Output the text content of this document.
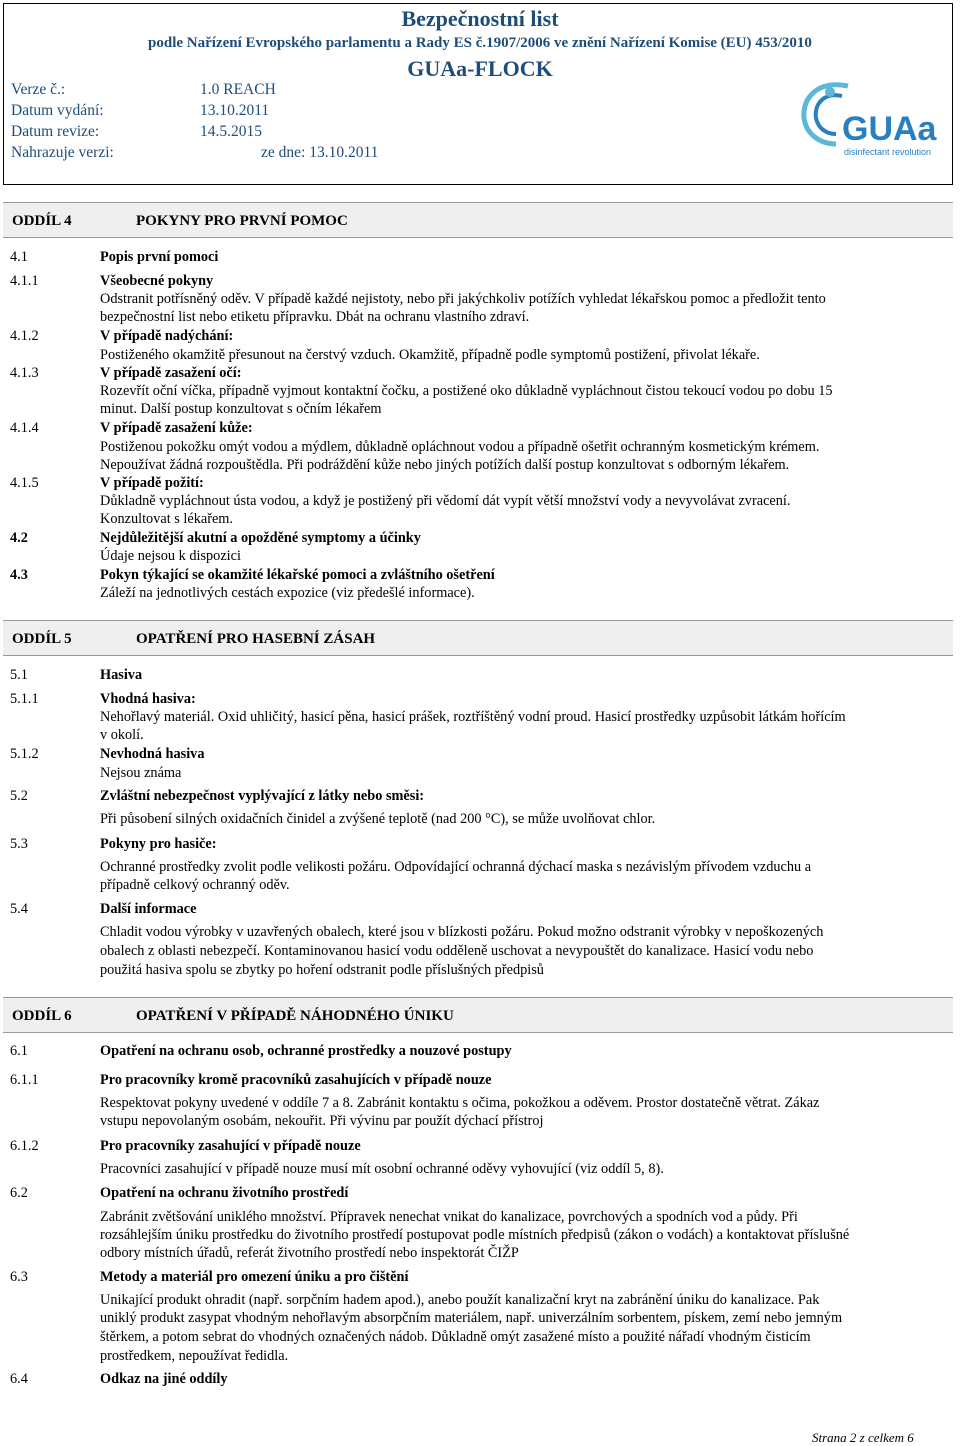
Bezpečnostní list
podle Nařízení Evropského parlamentu a Rady ES č.1907/2006 ve znění Nařízení Komise (EU) 453/2010
GUAa-FLOCK
Verze č.:	1.0 REACH
Datum vydání:	13.10.2011
Datum revize:	14.5.2015
Nahrazuje verzi:	ze dne: 13.10.2011
GUAa
disinfectant revolution
ODDÍL 4	POKYNY PRO PRVNÍ POMOC
4.1	Popis první pomoci
4.1.1	Všeobecné pokyny
Odstranit potřísněný oděv. V případě každé nejistoty, nebo při jakýchkoliv potížích vyhledat lékařskou pomoc a předložit tento
bezpečnostní list nebo etiketu přípravku. Dbát na ochranu vlastního zdraví.
4.1.2	V případě nadýchání:
Postiženého okamžitě přesunout na čerstvý vzduch. Okamžitě, případně podle symptomů postižení, přivolat lékaře.
4.1.3	V případě zasažení očí:
Rozevřít oční víčka, případně vyjmout kontaktní čočku, a postižené oko důkladně vypláchnout čistou tekoucí vodou po dobu 15
minut. Další postup konzultovat s očním lékařem
4.1.4	V případě zasažení kůže:
Postiženou pokožku omýt vodou a mýdlem, důkladně opláchnout vodou a případně ošetřit ochranným kosmetickým krémem.
Nepoužívat žádná rozpouštědla. Při podráždění kůže nebo jiných potížích další postup konzultovat s odborným lékařem.
4.1.5	V případě požití:
Důkladně vypláchnout ústa vodou, a když je postižený při vědomí dát vypít větší množství vody a nevyvolávat zvracení.
Konzultovat s lékařem.
4.2	Nejdůležitější akutní a opožděné symptomy a účinky
Údaje nejsou k dispozici
4.3	Pokyn týkající se okamžité lékařské pomoci a zvláštního ošetření
Záleží na jednotlivých cestách expozice (viz předešlé informace).
ODDÍL 5	OPATŘENÍ PRO HASEBNÍ ZÁSAH
5.1	Hasiva
5.1.1	Vhodná hasiva:
Nehořlavý materiál. Oxid uhličitý, hasicí pěna, hasicí prášek, roztříštěný vodní proud. Hasicí prostředky uzpůsobit látkám hořícím
v okolí.
5.1.2	Nevhodná hasiva
Nejsou známa
5.2	Zvláštní nebezpečnost vyplývající z látky nebo směsi:
Při působení silných oxidačních činidel a zvýšené teplotě (nad 200 °C), se může uvolňovat chlor.
5.3	Pokyny pro hasiče:
Ochranné prostředky zvolit podle velikosti požáru. Odpovídající ochranná dýchací maska s nezávislým přívodem vzduchu a
případně celkový ochranný oděv.
5.4	Další informace
Chladit vodou výrobky v uzavřených obalech, které jsou v blízkosti požáru. Pokud možno odstranit výrobky v nepoškozených
obalech z oblasti nebezpečí. Kontaminovanou hasicí vodu odděleně uschovat a nevypouštět do kanalizace. Hasicí vodu nebo
použitá hasiva spolu se zbytky po hoření odstranit podle příslušných předpisů
ODDÍL 6	OPATŘENÍ V PŘÍPADĚ NÁHODNÉHO ÚNIKU
6.1	Opatření na ochranu osob, ochranné prostředky a nouzové postupy
6.1.1	Pro pracovníky kromě pracovníků zasahujících v případě nouze
Respektovat pokyny uvedené v oddíle 7 a 8. Zabránit kontaktu s očima, pokožkou a oděvem. Prostor dostatečně větrat. Zákaz
vstupu nepovolaným osobám, nekouřit. Při vývinu par použít dýchací přístroj
6.1.2	Pro pracovníky zasahující v případě nouze
Pracovníci zasahující v případě nouze musí mít osobní ochranné oděvy vyhovující (viz oddíl 5, 8).
6.2	Opatření na ochranu životního prostředí
Zabránit zvětšování uniklého množství. Přípravek nenechat vnikat do kanalizace, povrchových a spodních vod a půdy. Při
rozsáhlejším úniku prostředku do životního prostředí postupovat podle místních předpisů (zákon o vodách) a kontaktovat příslušné
odbory místních úřadů, referát životního prostředí nebo inspektorát ČIŽP
6.3	Metody a materiál pro omezení úniku a pro čištění
Unikající produkt ohradit (např. sorpčním hadem apod.), anebo použít kanalizační kryt na zabránění úniku do kanalizace. Pak
uniklý produkt zasypat vhodným nehořlavým absorpčním materiálem, např. univerzálním sorbentem, pískem, zemí nebo jemným
štěrkem, a potom sebrat do vhodných označených nádob. Důkladně omýt zasažené místo a použité nářadí vhodným čisticím
prostředkem, nepoužívat ředidla.
6.4	Odkaz na jiné oddíly
Strana 2 z celkem 6
